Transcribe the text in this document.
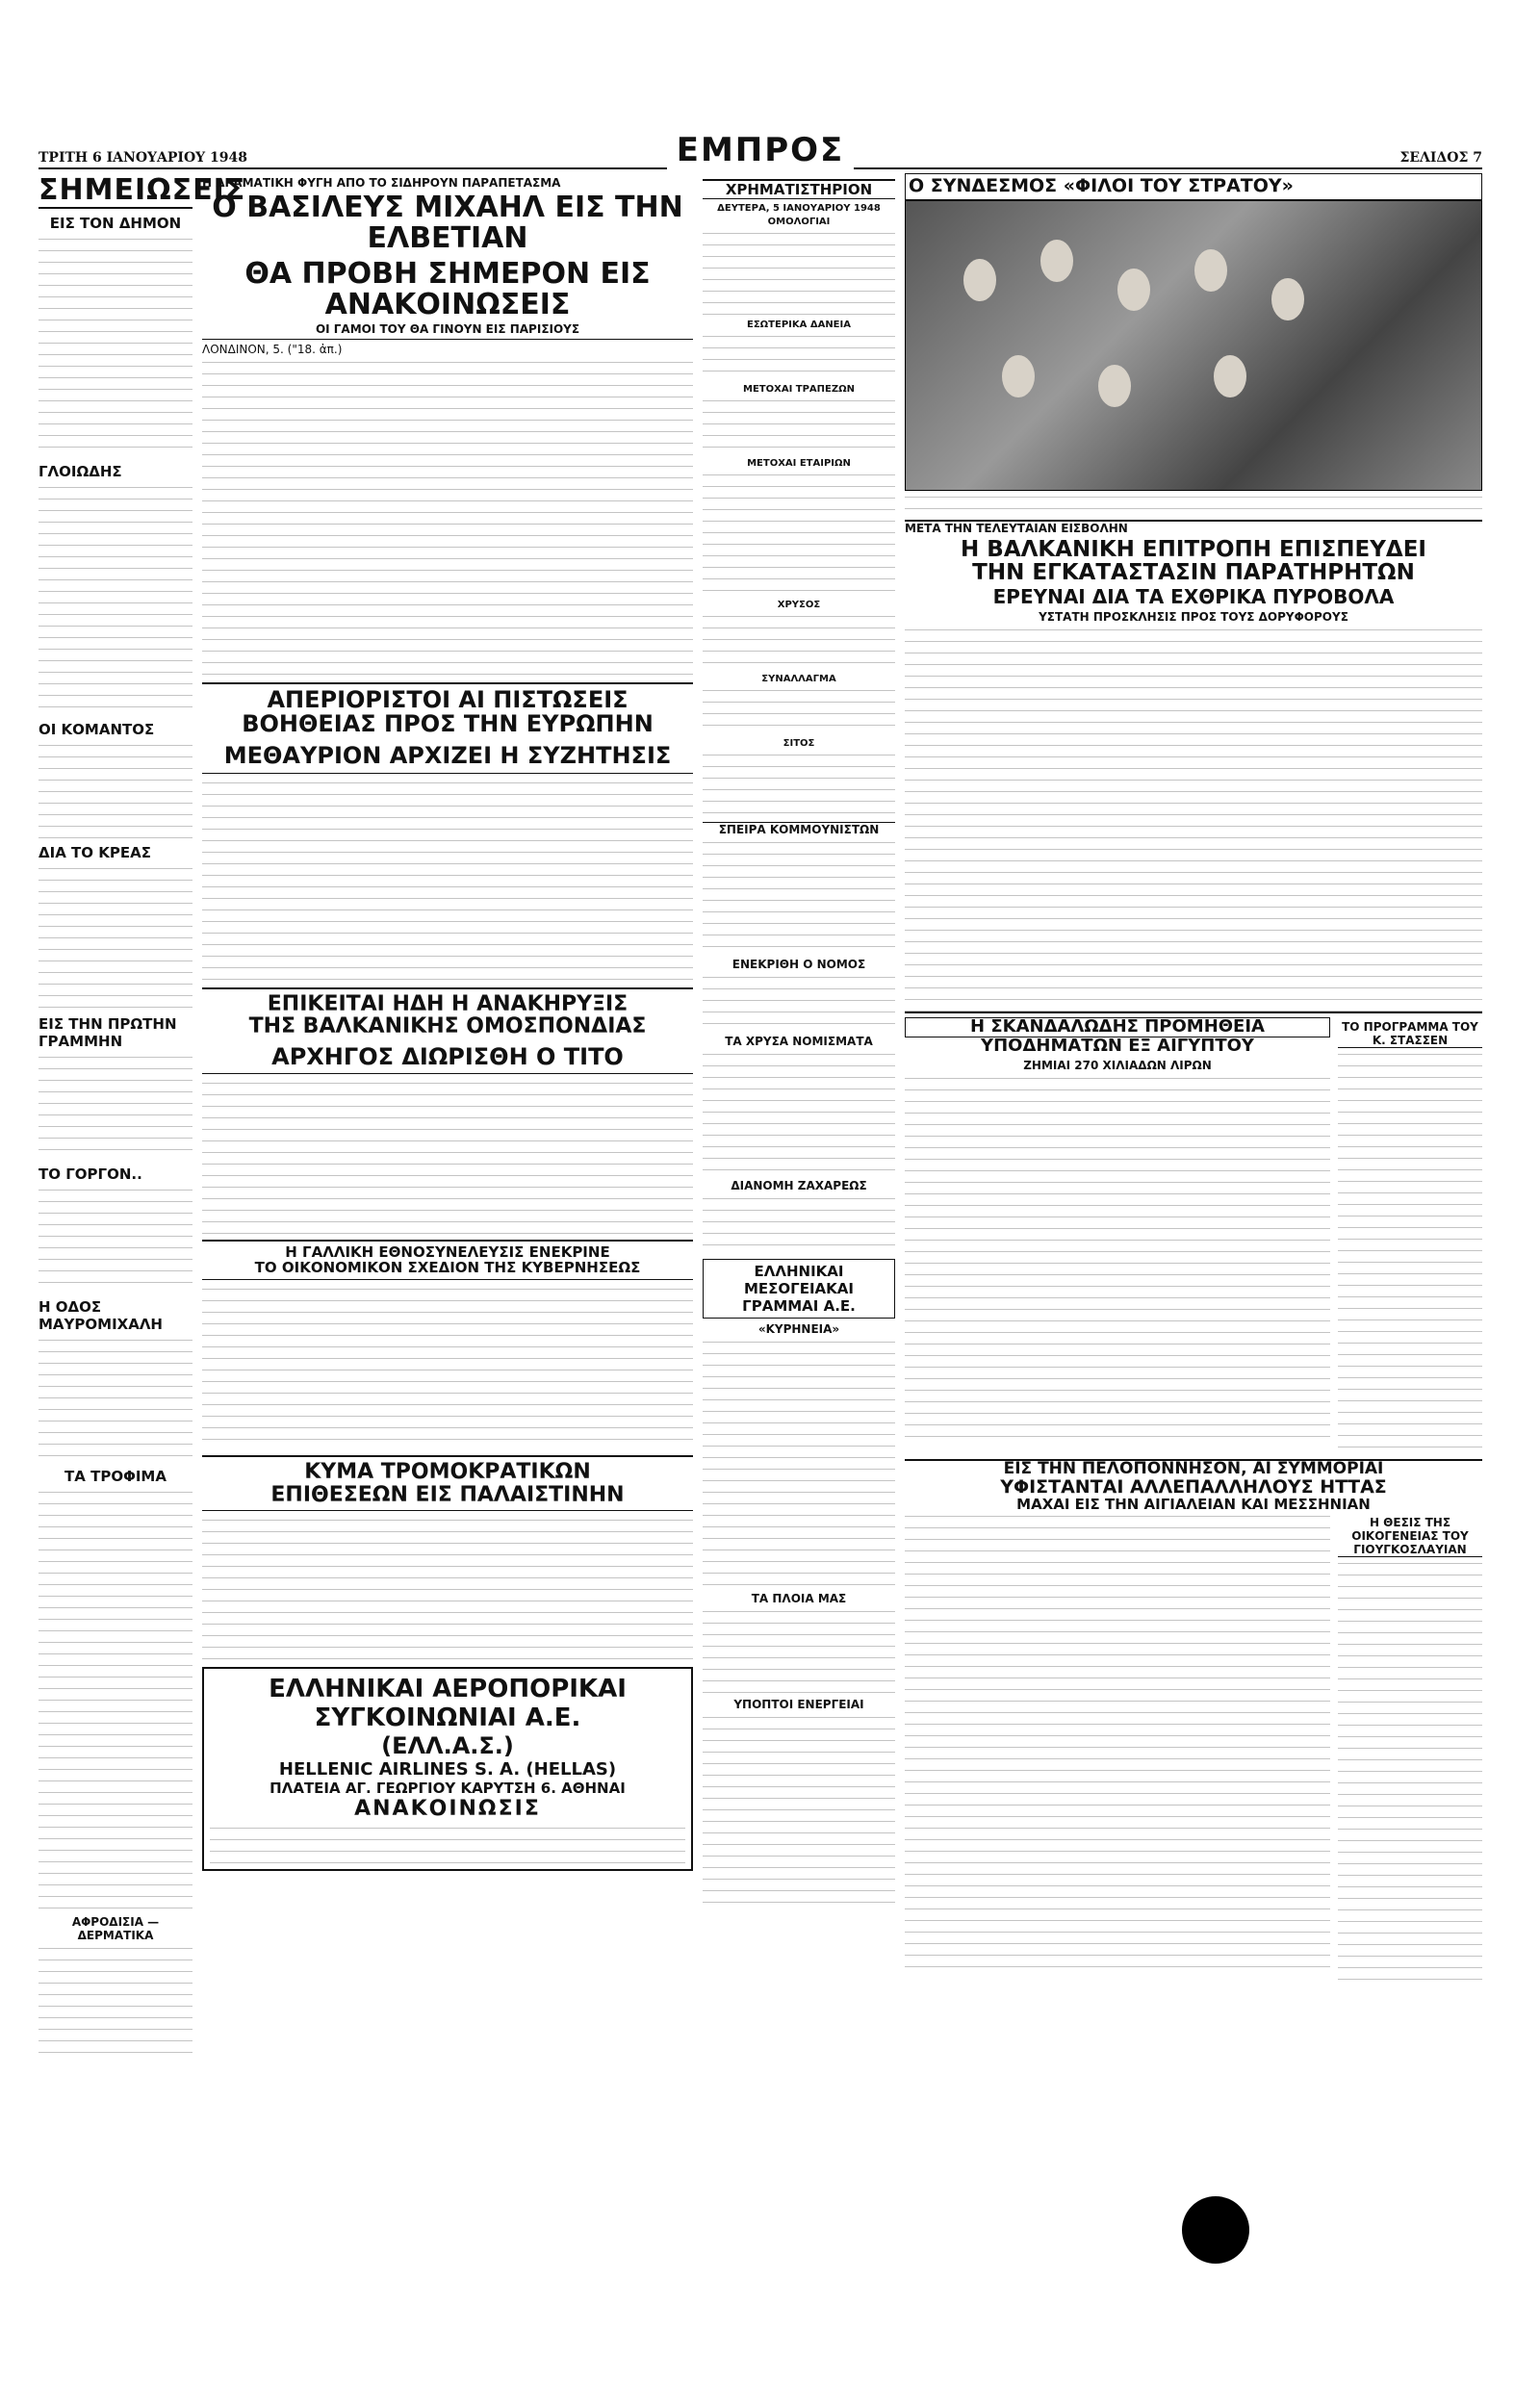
ΤΡΙΤΗ 6 ΙΑΝΟΥΑΡΙΟΥ 1948	ΕΜΠΡΟΣ	ΣΕΛΙΔΟΣ 7
ΣΗΜΕΙΩΣΕΙΣ
ΕΙΣ ΤΟΝ ΔΗΜΟΝ
ΓΛΟΙΩΔΗΣ
ΟΙ ΚΟΜΑΝΤΟΣ
ΔΙΑ ΤΟ ΚΡΕΑΣ
ΕΙΣ ΤΗΝ ΠΡΩΤΗΝ ΓΡΑΜΜΗΝ
ΤΟ ΓΟΡΓΟΝ..
Η ΟΔΟΣ ΜΑΥΡΟΜΙΧΑΛΗ
ΤΑ ΤΡΟΦΙΜΑ
ΑΦΡΟΔΙΣΙΑ — ΔΕΡΜΑΤΙΚΑ
Η ΔΡΑΜΑΤΙΚΗ ΦΥΓΗ ΑΠΟ ΤΟ ΣΙΔΗΡΟΥΝ ΠΑΡΑΠΕΤΑΣΜΑ
Ο ΒΑΣΙΛΕΥΣ ΜΙΧΑΗΛ ΕΙΣ ΤΗΝ ΕΛΒΕΤΙΑΝ
ΘΑ ΠΡΟΒΗ ΣΗΜΕΡΟΝ ΕΙΣ ΑΝΑΚΟΙΝΩΣΕΙΣ
ΟΙ ΓΑΜΟΙ ΤΟΥ ΘΑ ΓΙΝΟΥΝ ΕΙΣ ΠΑΡΙΣΙΟΥΣ
ΛΟΝΔΙΝΟΝ, 5. ("18. ἀπ.)
ΑΠΕΡΙΟΡΙΣΤΟΙ ΑΙ ΠΙΣΤΩΣΕΙΣ
ΒΟΗΘΕΙΑΣ ΠΡΟΣ ΤΗΝ ΕΥΡΩΠΗΝ
ΜΕΘΑΥΡΙΟΝ ΑΡΧΙΖΕΙ Η ΣΥΖΗΤΗΣΙΣ
ΕΠΙΚΕΙΤΑΙ ΗΔΗ Η ΑΝΑΚΗΡΥΞΙΣ
ΤΗΣ ΒΑΛΚΑΝΙΚΗΣ ΟΜΟΣΠΟΝΔΙΑΣ
ΑΡΧΗΓΟΣ ΔΙΩΡΙΣΘΗ Ο ΤΙΤΟ
Η ΓΑΛΛΙΚΗ ΕΘΝΟΣΥΝΕΛΕΥΣΙΣ ΕΝΕΚΡΙΝΕ
ΤΟ ΟΙΚΟΝΟΜΙΚΟΝ ΣΧΕΔΙΟΝ ΤΗΣ ΚΥΒΕΡΝΗΣΕΩΣ
ΚΥΜΑ ΤΡΟΜΟΚΡΑΤΙΚΩΝ
ΕΠΙΘΕΣΕΩΝ ΕΙΣ ΠΑΛΑΙΣΤΙΝΗΝ
ΕΛΛΗΝΙΚΑΙ ΑΕΡΟΠΟΡΙΚΑΙ ΣΥΓΚΟΙΝΩΝΙΑΙ Α.Ε.
(ΕΛΛ.Α.Σ.)
HELLENIC AIRLINES S. A. (HELLAS)
ΠΛΑΤΕΙΑ ΑΓ. ΓΕΩΡΓΙΟΥ ΚΑΡΥΤΣΗ 6. ΑΘΗΝΑΙ
ΑΝΑΚΟΙΝΩΣΙΣ
ΧΡΗΜΑΤΙΣΤΗΡΙΟΝ
ΔΕΥΤΕΡΑ, 5 ΙΑΝΟΥΑΡΙΟΥ 1948
ΟΜΟΛΟΓΙΑΙ
ΕΣΩΤΕΡΙΚΑ ΔΑΝΕΙΑ
ΜΕΤΟΧΑΙ ΤΡΑΠΕΖΩΝ
ΜΕΤΟΧΑΙ ΕΤΑΙΡΙΩΝ
ΧΡΥΣΟΣ
ΣΥΝΑΛΛΑΓΜΑ
ΣΙΤΟΣ
ΣΠΕΙΡΑ ΚΟΜΜΟΥΝΙΣΤΩΝ
ΕΝΕΚΡΙΘΗ Ο ΝΟΜΟΣ
ΤΑ ΧΡΥΣΑ ΝΟΜΙΣΜΑΤΑ
ΔΙΑΝΟΜΗ ΖΑΧΑΡΕΩΣ
ΕΛΛΗΝΙΚΑΙ ΜΕΣΟΓΕΙΑΚΑΙ ΓΡΑΜΜΑΙ Α.Ε.
«ΚΥΡΗΝΕΙΑ»
ΤΑ ΠΛΟΙΑ ΜΑΣ
ΥΠΟΠΤΟΙ ΕΝΕΡΓΕΙΑΙ
Ο ΣΥΝΔΕΣΜΟΣ «ΦΙΛΟΙ ΤΟΥ ΣΤΡΑΤΟΥ»
ΜΕΤΑ ΤΗΝ ΤΕΛΕΥΤΑΙΑΝ ΕΙΣΒΟΛΗΝ
Η ΒΑΛΚΑΝΙΚΗ ΕΠΙΤΡΟΠΗ ΕΠΙΣΠΕΥΔΕΙ
ΤΗΝ ΕΓΚΑΤΑΣΤΑΣΙΝ ΠΑΡΑΤΗΡΗΤΩΝ
ΕΡΕΥΝΑΙ ΔΙΑ ΤΑ ΕΧΘΡΙΚΑ ΠΥΡΟΒΟΛΑ
ΥΣΤΑΤΗ ΠΡΟΣΚΛΗΣΙΣ ΠΡΟΣ ΤΟΥΣ ΔΟΡΥΦΟΡΟΥΣ
Η ΣΚΑΝΔΑΛΩΔΗΣ ΠΡΟΜΗΘΕΙΑ
ΥΠΟΔΗΜΑΤΩΝ ΕΞ ΑΙΓΥΠΤΟΥ
ΖΗΜΙΑΙ 270 ΧΙΛΙΑΔΩΝ ΛΙΡΩΝ
ΤΟ ΠΡΟΓΡΑΜΜΑ ΤΟΥ Κ. ΣΤΑΣΣΕΝ
ΕΙΣ ΤΗΝ ΠΕΛΟΠΟΝΝΗΣΟΝ, ΑΙ ΣΥΜΜΟΡΙΑΙ
ΥΦΙΣΤΑΝΤΑΙ ΑΛΛΕΠΑΛΛΗΛΟΥΣ ΗΤΤΑΣ
ΜΑΧΑΙ ΕΙΣ ΤΗΝ ΑΙΓΙΑΛΕΙΑΝ ΚΑΙ ΜΕΣΣΗΝΙΑΝ
Η ΘΕΣΙΣ ΤΗΣ ΟΙΚΟΓΕΝΕΙΑΣ ΤΟΥ ΓΙΟΥΓΚΟΣΛΑΥΙΑΝ
